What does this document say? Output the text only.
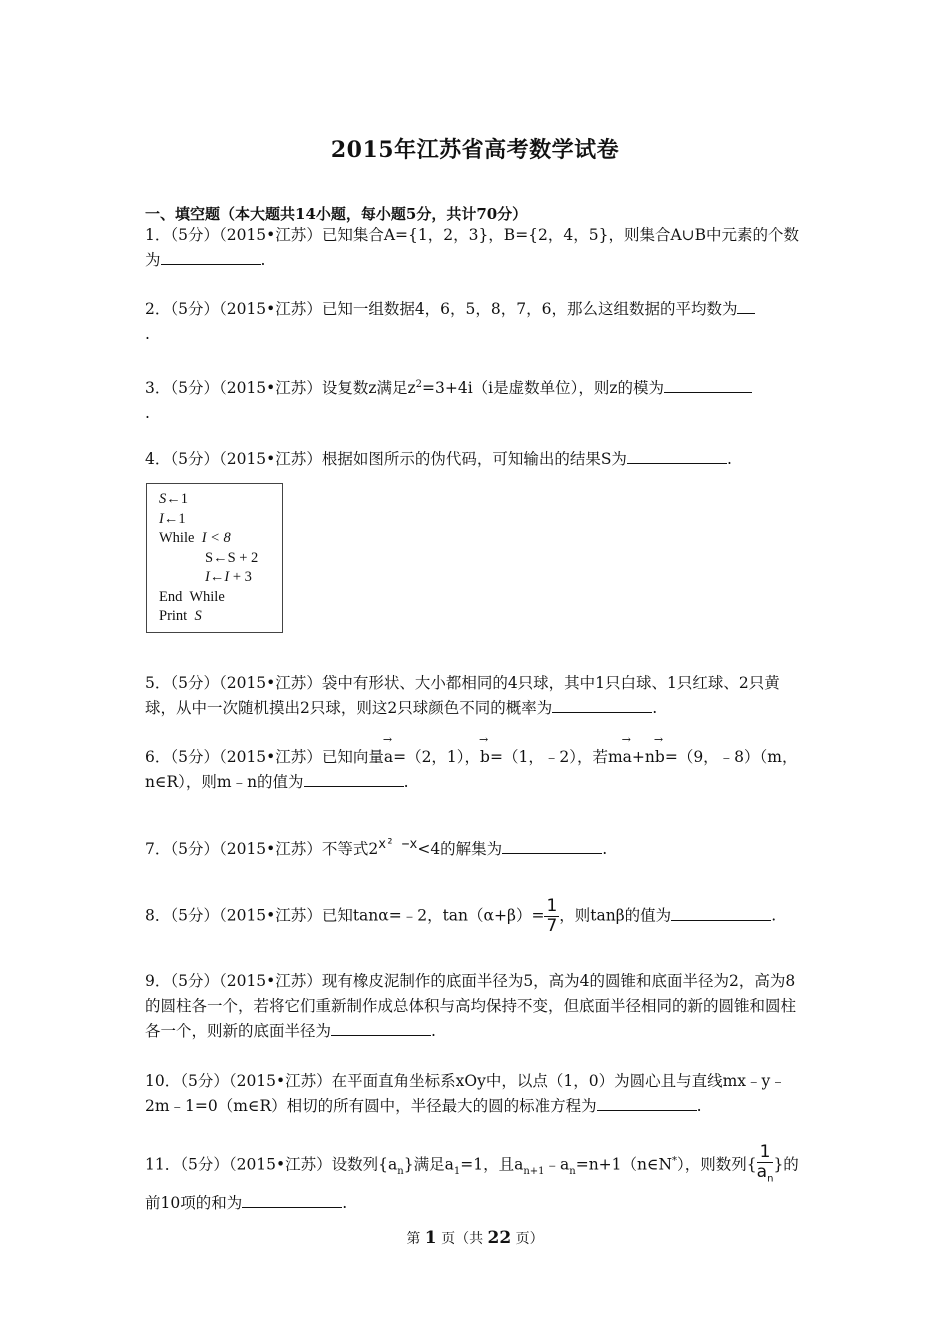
2015年江苏省高考数学试卷
一、填空题（本大题共14小题，每小题5分，共计70分）
1．（5分）（2015•江苏）已知集合A={1，2，3}，B={2，4，5}，则集合A∪B中元素的个数为	.
2．（5分）（2015•江苏）已知一组数据4，6，5，8，7，6，那么这组数据的平均数为
.
3．（5分）（2015•江苏）设复数z满足$z^2=3+4i(i$是虚数单位），则z的模为
.
4．（5分）（2015•江苏）根据如图所示的伪代码，可知输出的结果S为	.
S←1
I←1
While  I < 8
S←S + 2
I←I + 3
End  While
Print  S
5．（5分）（2015•江苏）袋中有形状、大小都相同的4只球，其中1只白球、1只红球、2只黄球，从中一次随机摸出2只球，则这2只球颜色不同的概率为	.
6．（5分）（2015•江苏）已知向量
→
a=（2，1），
→
b=（1，﹣2），若m
→
a+n
→
b=（9，﹣8）（m，n∈R），则m﹣n的值为	.
7．（5分）（2015•江苏）不等式$2^{x^2 -x}<4$的解集为	.
8．（5分）（2015•江苏）已知tanα=﹣2，$\tan(\alpha+\beta)= \frac{1}{7}$ ，则tanβ的值为	.
9．（5分）（2015•江苏）现有橡皮泥制作的底面半径为5，高为4的圆锥和底面半径为2，高为8的圆柱各一个，若将它们重新制作成总体积与高均保持不变，但底面半径相同的新的圆锥和圆柱各一个，则新的底面半径为	.
10．（5分）（2015•江苏）在平面直角坐标系xOy中，以点（1，0）为圆心且与直线mx﹣y﹣2m﹣1=0（m∈R）相切的所有圆中，半径最大的圆的标准方程为	.
11．（5分）（2015•江苏）设数列$\{a_n\}$满足$a_1=1$，且$a_{n+1}﹣a_n=n+1(n\in N^*)$，则数列{ $\frac{1}{a_n}$ }的前10项的和为	.
第 1 页（共 22 页）
